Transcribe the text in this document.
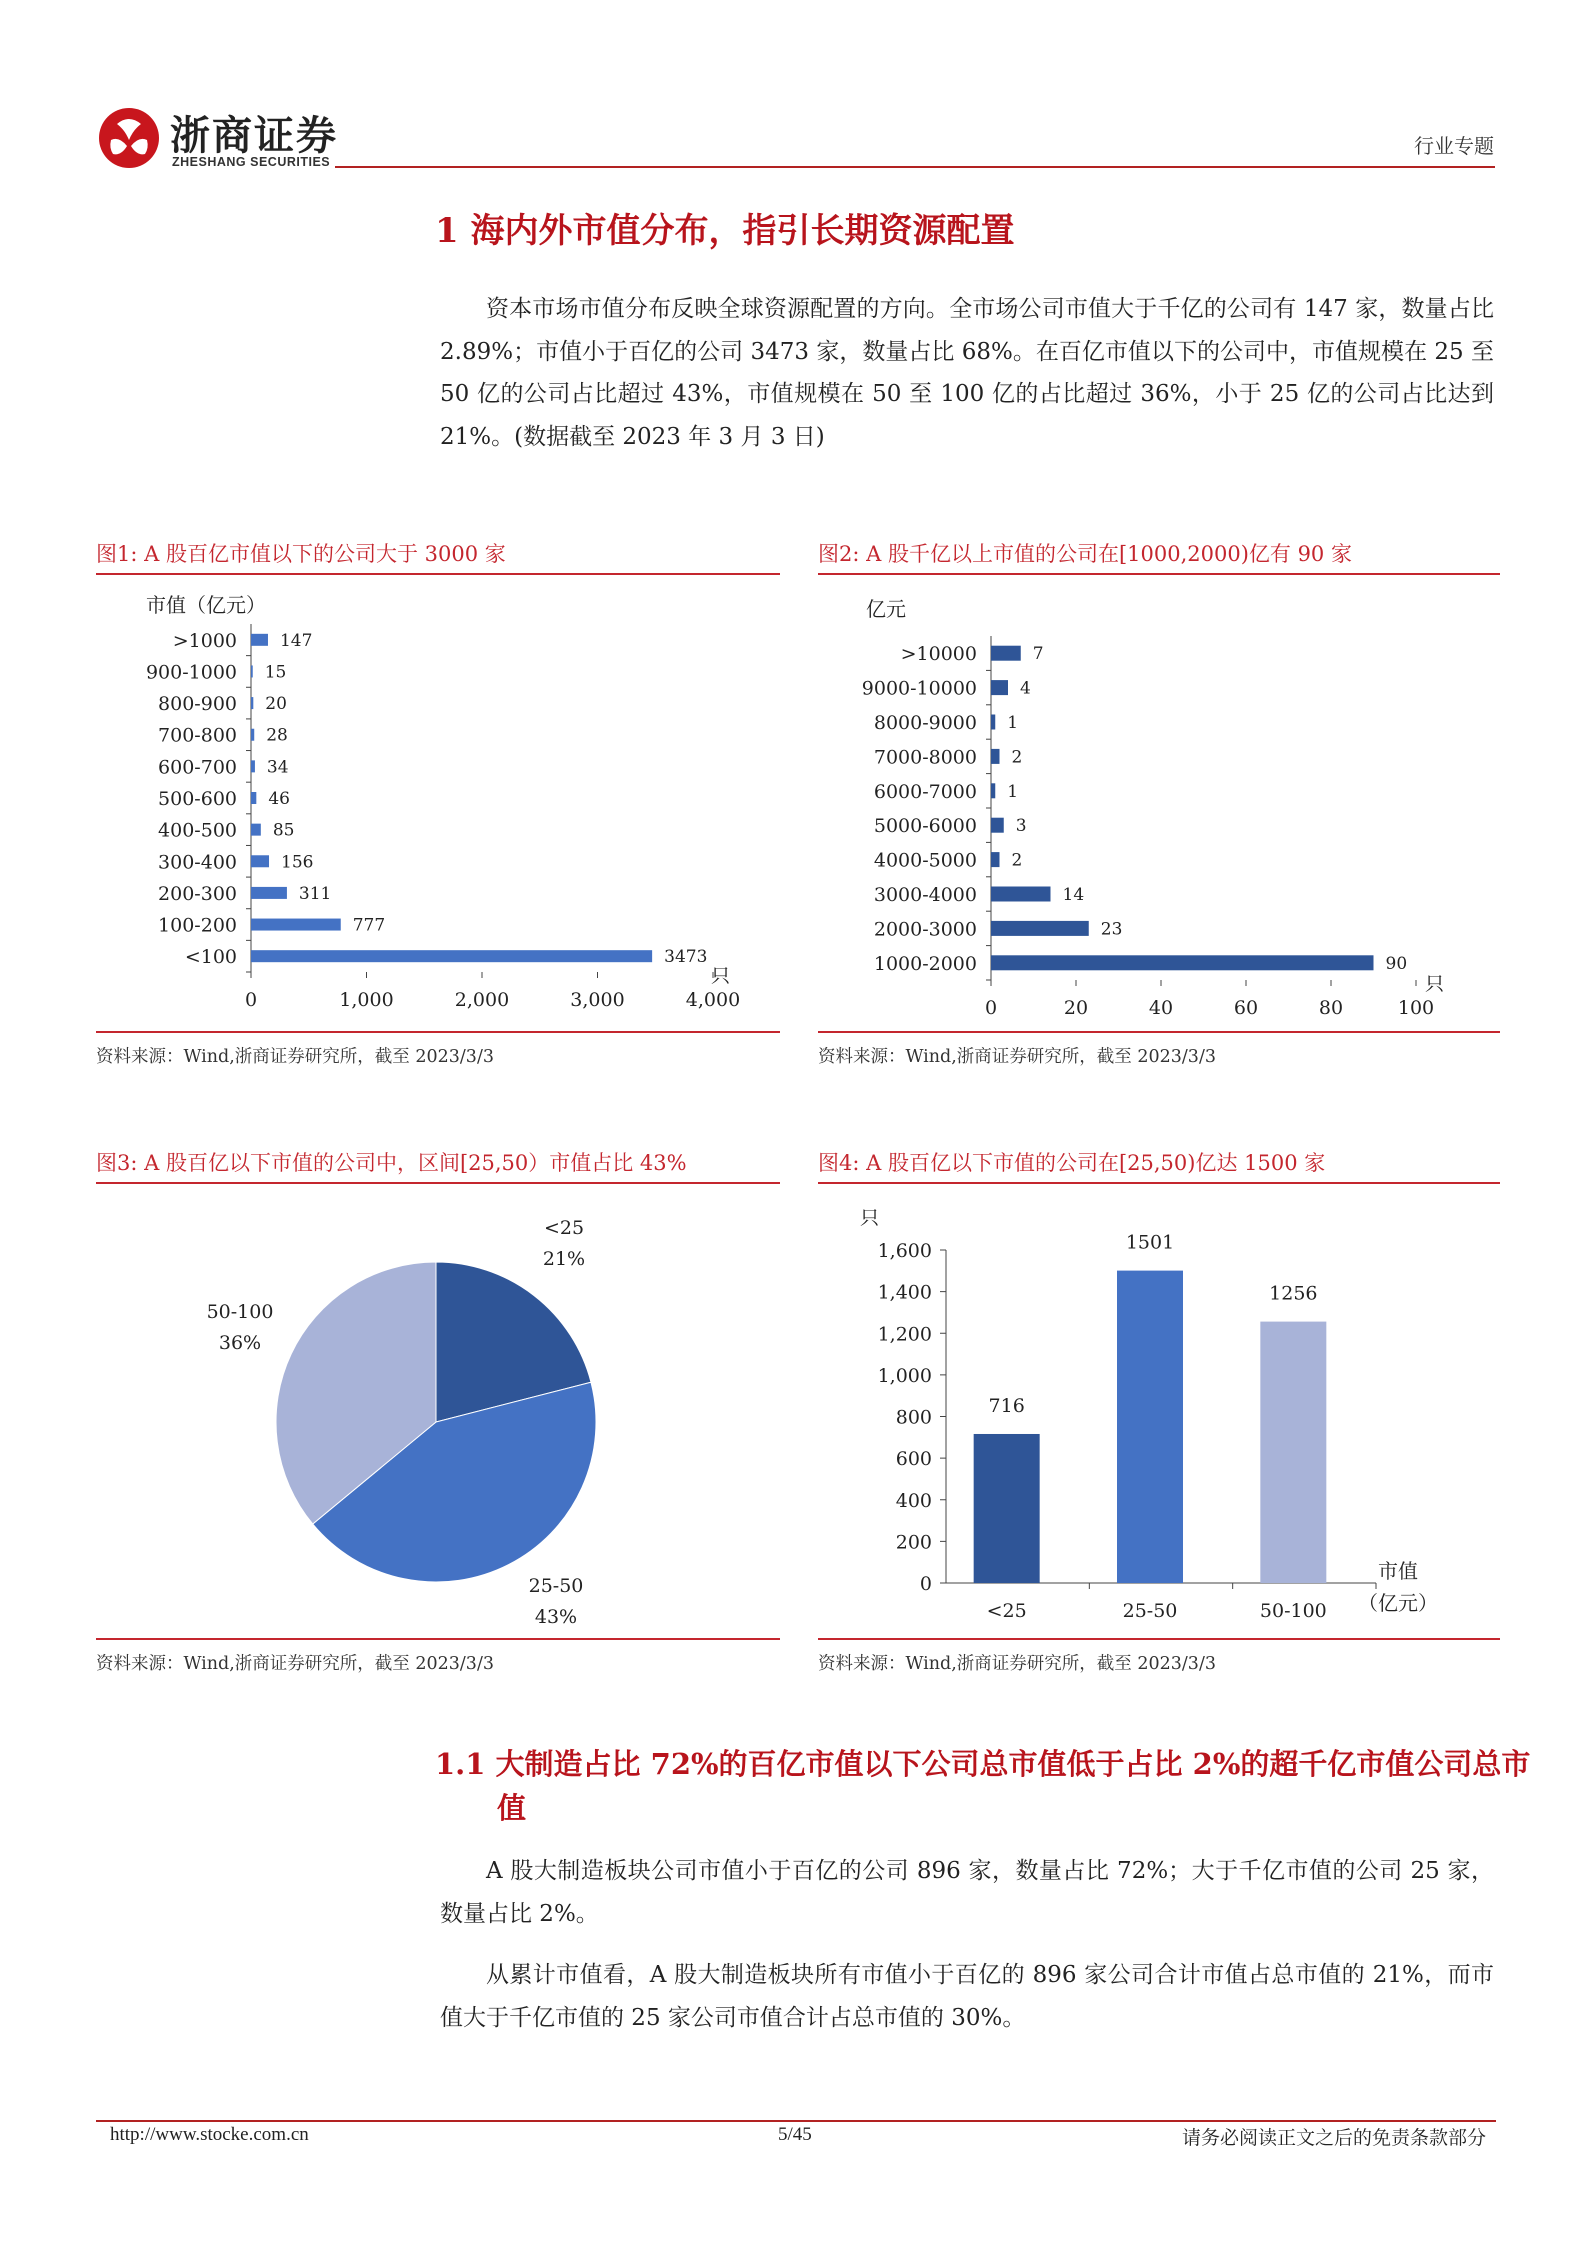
浙商证券
ZHESHANG SECURITIES
行业专题
1 海内外市值分布，指引长期资源配置
资本市场市值分布反映全球资源配置的方向。全市场公司市值大于千亿的公司有 147 家，数量占比 2.89%；市值小于百亿的公司 3473 家，数量占比 68%。在百亿市值以下的公司中，市值规模在 25 至 50 亿的公司占比超过 43%，市值规模在 50 至 100 亿的占比超过 36%，小于 25 亿的公司占比达到 21%。(数据截至 2023 年 3 月 3 日)
图1: A 股百亿市值以下的公司大于 3000 家
市值（亿元）
>1000	147
900-1000 15
800-900 20
700-800 28
600-700 34
500-600 46
400-500 85
300-400	156
200-300	311
100-200	777
<100	3473
0	1,000	2,000	3,000	4,000
只
资料来源：Wind,浙商证券研究所，截至 2023/3/3
图2: A 股千亿以上市值的公司在[1000,2000)亿有 90 家
亿元
>10000	7
9000-10000	4
8000-9000 1
7000-8000 2
6000-7000 1
5000-6000 3
4000-5000 2
3000-4000	14
2000-3000	23
1000-2000	90
0	20	40	60	80	100
只
资料来源：Wind,浙商证券研究所，截至 2023/3/3
图3: A 股百亿以下市值的公司中，区间[25,50）市值占比 43%
<25
21%
25-50
43%
50-100
36%
资料来源：Wind,浙商证券研究所，截至 2023/3/3
图4: A 股百亿以下市值的公司在[25,50)亿达 1500 家
只
0
200
400
600
800
1,000
1,200
1,400
1,600
716
<25
1501
25-50
1256
50-100
市值
（亿元）
资料来源：Wind,浙商证券研究所，截至 2023/3/3
1.1 大制造占比 72%的百亿市值以下公司总市值低于占比 2%的超千亿市值公司总市值
A 股大制造板块公司市值小于百亿的公司 896 家，数量占比 72%；大于千亿市值的公司 25 家，数量占比 2%。
从累计市值看，A 股大制造板块所有市值小于百亿的 896 家公司合计市值占总市值的 21%，而市值大于千亿市值的 25 家公司市值合计占总市值的 30%。
http://www.stocke.com.cn	5/45	请务必阅读正文之后的免责条款部分
